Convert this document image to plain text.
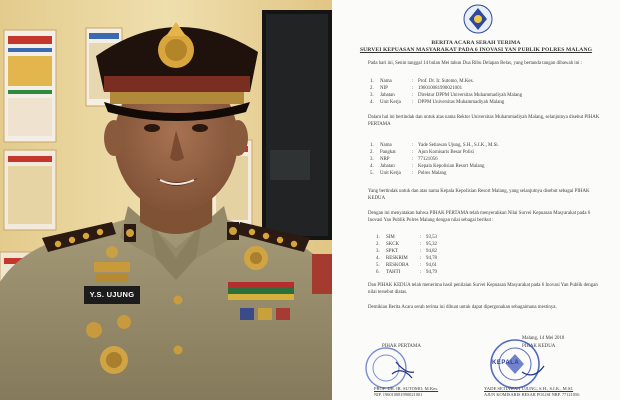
Y.S. UJUNG
BERITA ACARA SERAH TERIMA
SURVEI KEPUASAN MASYARAKAT PADA 6 INOVASI YAN PUBLIK POLRES MALANG
Pada hari ini, Senin tanggal 14 bulan Mei tahun Dua Ribu Delapan Belas, yang bertanda tangan dibawah ini :
1. Nama	: Prof. Dr. Ir. Sutomo, M.Kes.
2. NIP	: 196010081990021001
3. Jabatan	: Direktur DPPM Universitas Muhammadiyah Malang
4. Unit Kerja : DPPM Universitas Muhammadiyah Malang
Dalam hal ini bertindak dan untuk atas nama Rektor Universitas Muhammadiyah Malang, selanjutnya disebut PIHAK PERTAMA
1. Nama	: Yade Setiawan Ujung, S.H., S.I.K., M.Si.
2. Pangkat	: Ajun Komisaris Besar Polisi
3. NRP	: 77121056
4. Jabatan	: Kepala Kepolisian Resort Malang
5. Unit Kerja : Polres Malang
Yang bertindak untuk dan atas nama Kepala Kepolisian Resort Malang, yang selanjutnya disebut sebagai PIHAK KEDUA
Dengan ini menyatakan bahwa PIHAK PERTAMA telah menyerahkan Nilai Survei Kepuasan Masyarakat pada 6 Inovasi Yan Publik Polres Malang dengan nilai sebagai berikut :
1. SIM	: 93,53
2. SKCK	: 95,32
3. SPKT	: 94,82
4. RESKRIM	: 94,78
5. RESKOBA : 94,61
6. TAHTI	: 94,79
Dan PIHAK KEDUA telah menerima hasil penilaian Survei Kepuasan Masyarakat pada 6 Inovasi Yan Publik dengan nilai tersebut diatas.
Demikian Berita Acara serah terima ini dibuat untuk dapat dipergunakan sebagaimana mestinya.
Malang, 14 Mei 2018
PIHAK PERTAMA	PIHAK KEDUA
KEPALA
PROF. DR. IR. SUTOMO, M.Kes.
NIP. 196010081990021001
YADE SETIAWAN UJUNG, S.H., S.I.K., M.SI.
AJUN KOMISARIS BESAR POLISI NRP. 77121056
